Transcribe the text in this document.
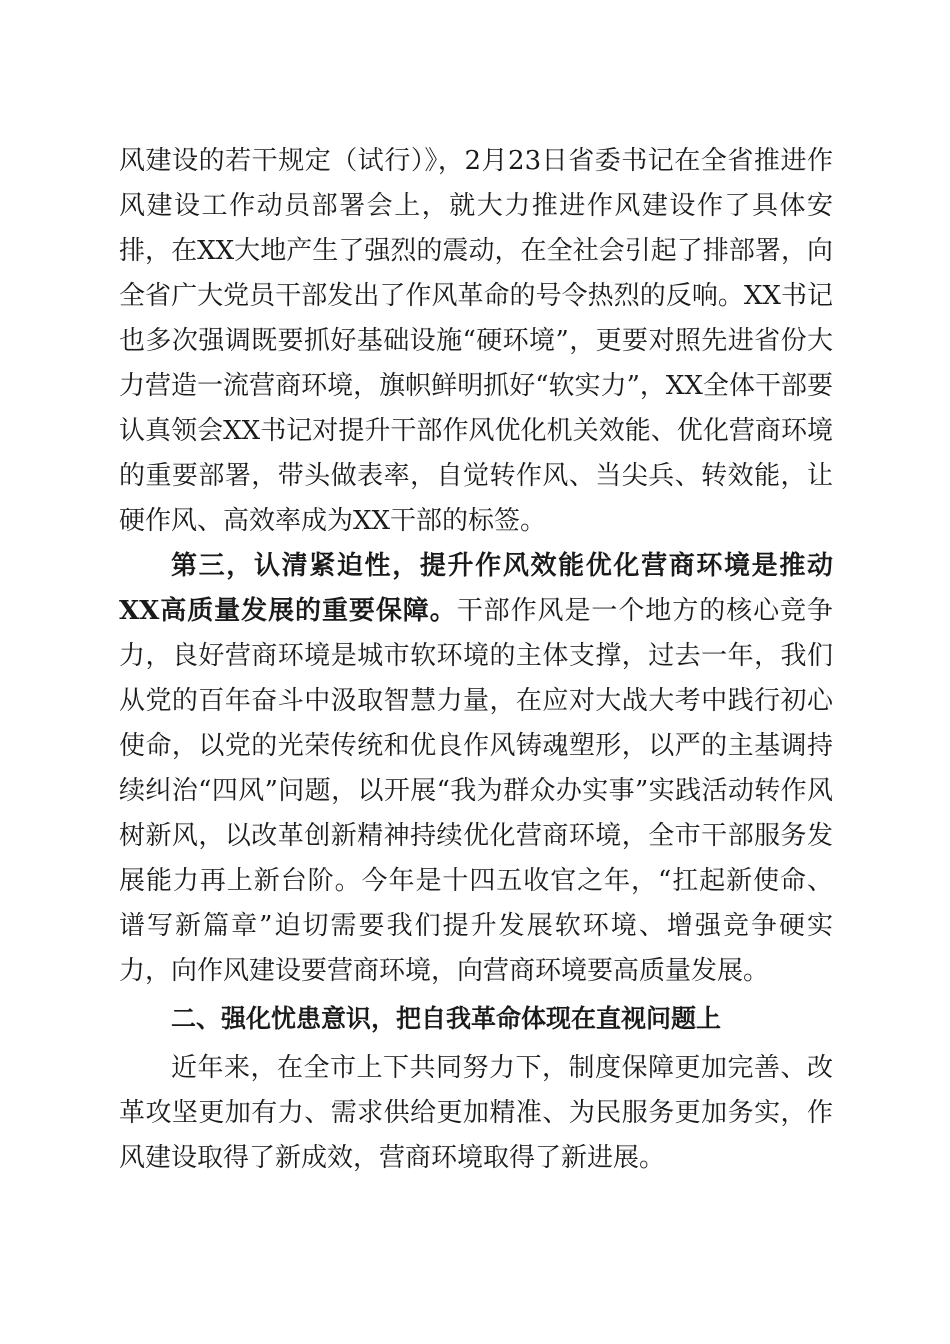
风建设的若干规定（试行）》，2月23日省委书记在全省推进作风建设工作动员部署会上，就大力推进作风建设作了具体安排，在XX大地产生了强烈的震动，在全社会引起了排部署，向全省广大党员干部发出了作风革命的号令热烈的反响。XX书记也多次强调既要抓好基础设施“硬环境”，更要对照先进省份大力营造一流营商环境，旗帜鲜明抓好“软实力”，XX全体干部要认真领会XX书记对提升干部作风优化机关效能、优化营商环境的重要部署，带头做表率，自觉转作风、当尖兵、转效能，让硬作风、高效率成为XX干部的标签。

第三，认清紧迫性，提升作风效能优化营商环境是推动XX高质量发展的重要保障。干部作风是一个地方的核心竞争力，良好营商环境是城市软环境的主体支撑，过去一年，我们从党的百年奋斗中汲取智慧力量，在应对大战大考中践行初心使命，以党的光荣传统和优良作风铸魂塑形，以严的主基调持续纠治“四风”问题，以开展“我为群众办实事”实践活动转作风树新风，以改革创新精神持续优化营商环境，全市干部服务发展能力再上新台阶。今年是十四五收官之年，“扛起新使命、谱写新篇章”迫切需要我们提升发展软环境、增强竞争硬实力，向作风建设要营商环境，向营商环境要高质量发展。

二、强化忧患意识，把自我革命体现在直视问题上

近年来，在全市上下共同努力下，制度保障更加完善、改革攻坚更加有力、需求供给更加精准、为民服务更加务实，作风建设取得了新成效，营商环境取得了新进展。
